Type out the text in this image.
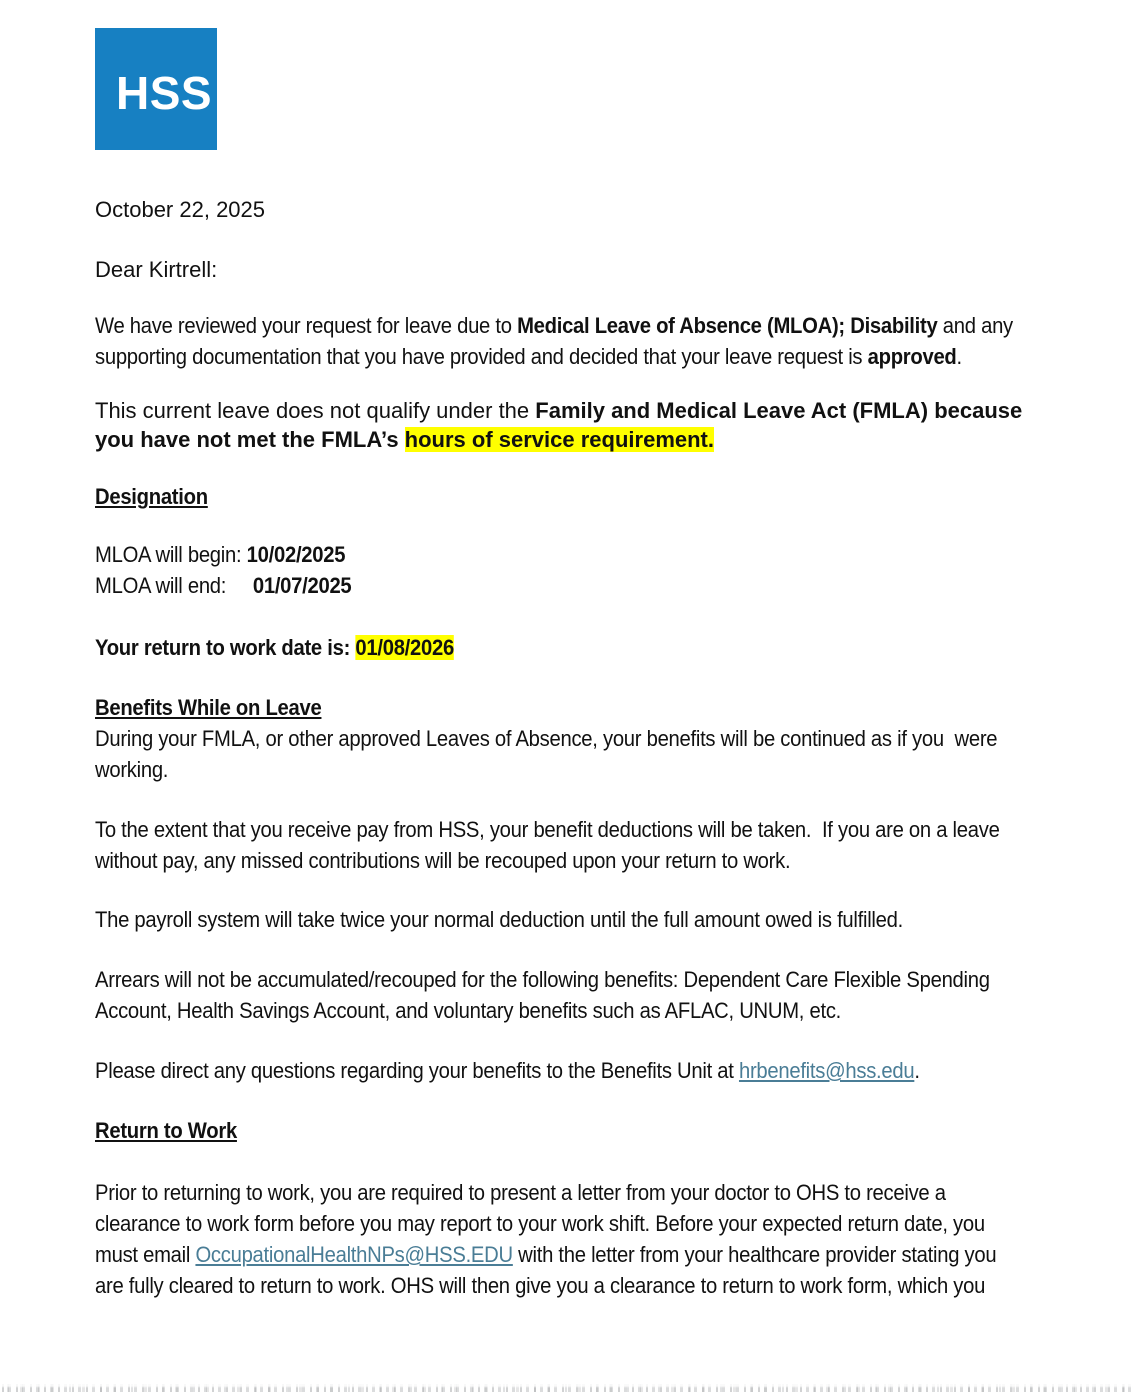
HSS
October 22, 2025
Dear Kirtrell:
We have reviewed your request for leave due to Medical Leave of Absence (MLOA); Disability and any
supporting documentation that you have provided and decided that your leave request is approved.
This current leave does not qualify under the Family and Medical Leave Act (FMLA) because
you have not met the FMLA’s hours of service requirement.
Designation
MLOA will begin: 10/02/2025
MLOA will end:     01/07/2025
Your return to work date is: 01/08/2026
Benefits While on Leave
During your FMLA, or other approved Leaves of Absence, your benefits will be continued as if you  were
working.
To the extent that you receive pay from HSS, your benefit deductions will be taken.  If you are on a leave
without pay, any missed contributions will be recouped upon your return to work.
The payroll system will take twice your normal deduction until the full amount owed is fulfilled.
Arrears will not be accumulated/recouped for the following benefits: Dependent Care Flexible Spending
Account, Health Savings Account, and voluntary benefits such as AFLAC, UNUM, etc.
Please direct any questions regarding your benefits to the Benefits Unit at hrbenefits@hss.edu.
Return to Work
Prior to returning to work, you are required to present a letter from your doctor to OHS to receive a
clearance to work form before you may report to your work shift. Before your expected return date, you
must email OccupationalHealthNPs@HSS.EDU with the letter from your healthcare provider stating you
are fully cleared to return to work. OHS will then give you a clearance to return to work form, which you
